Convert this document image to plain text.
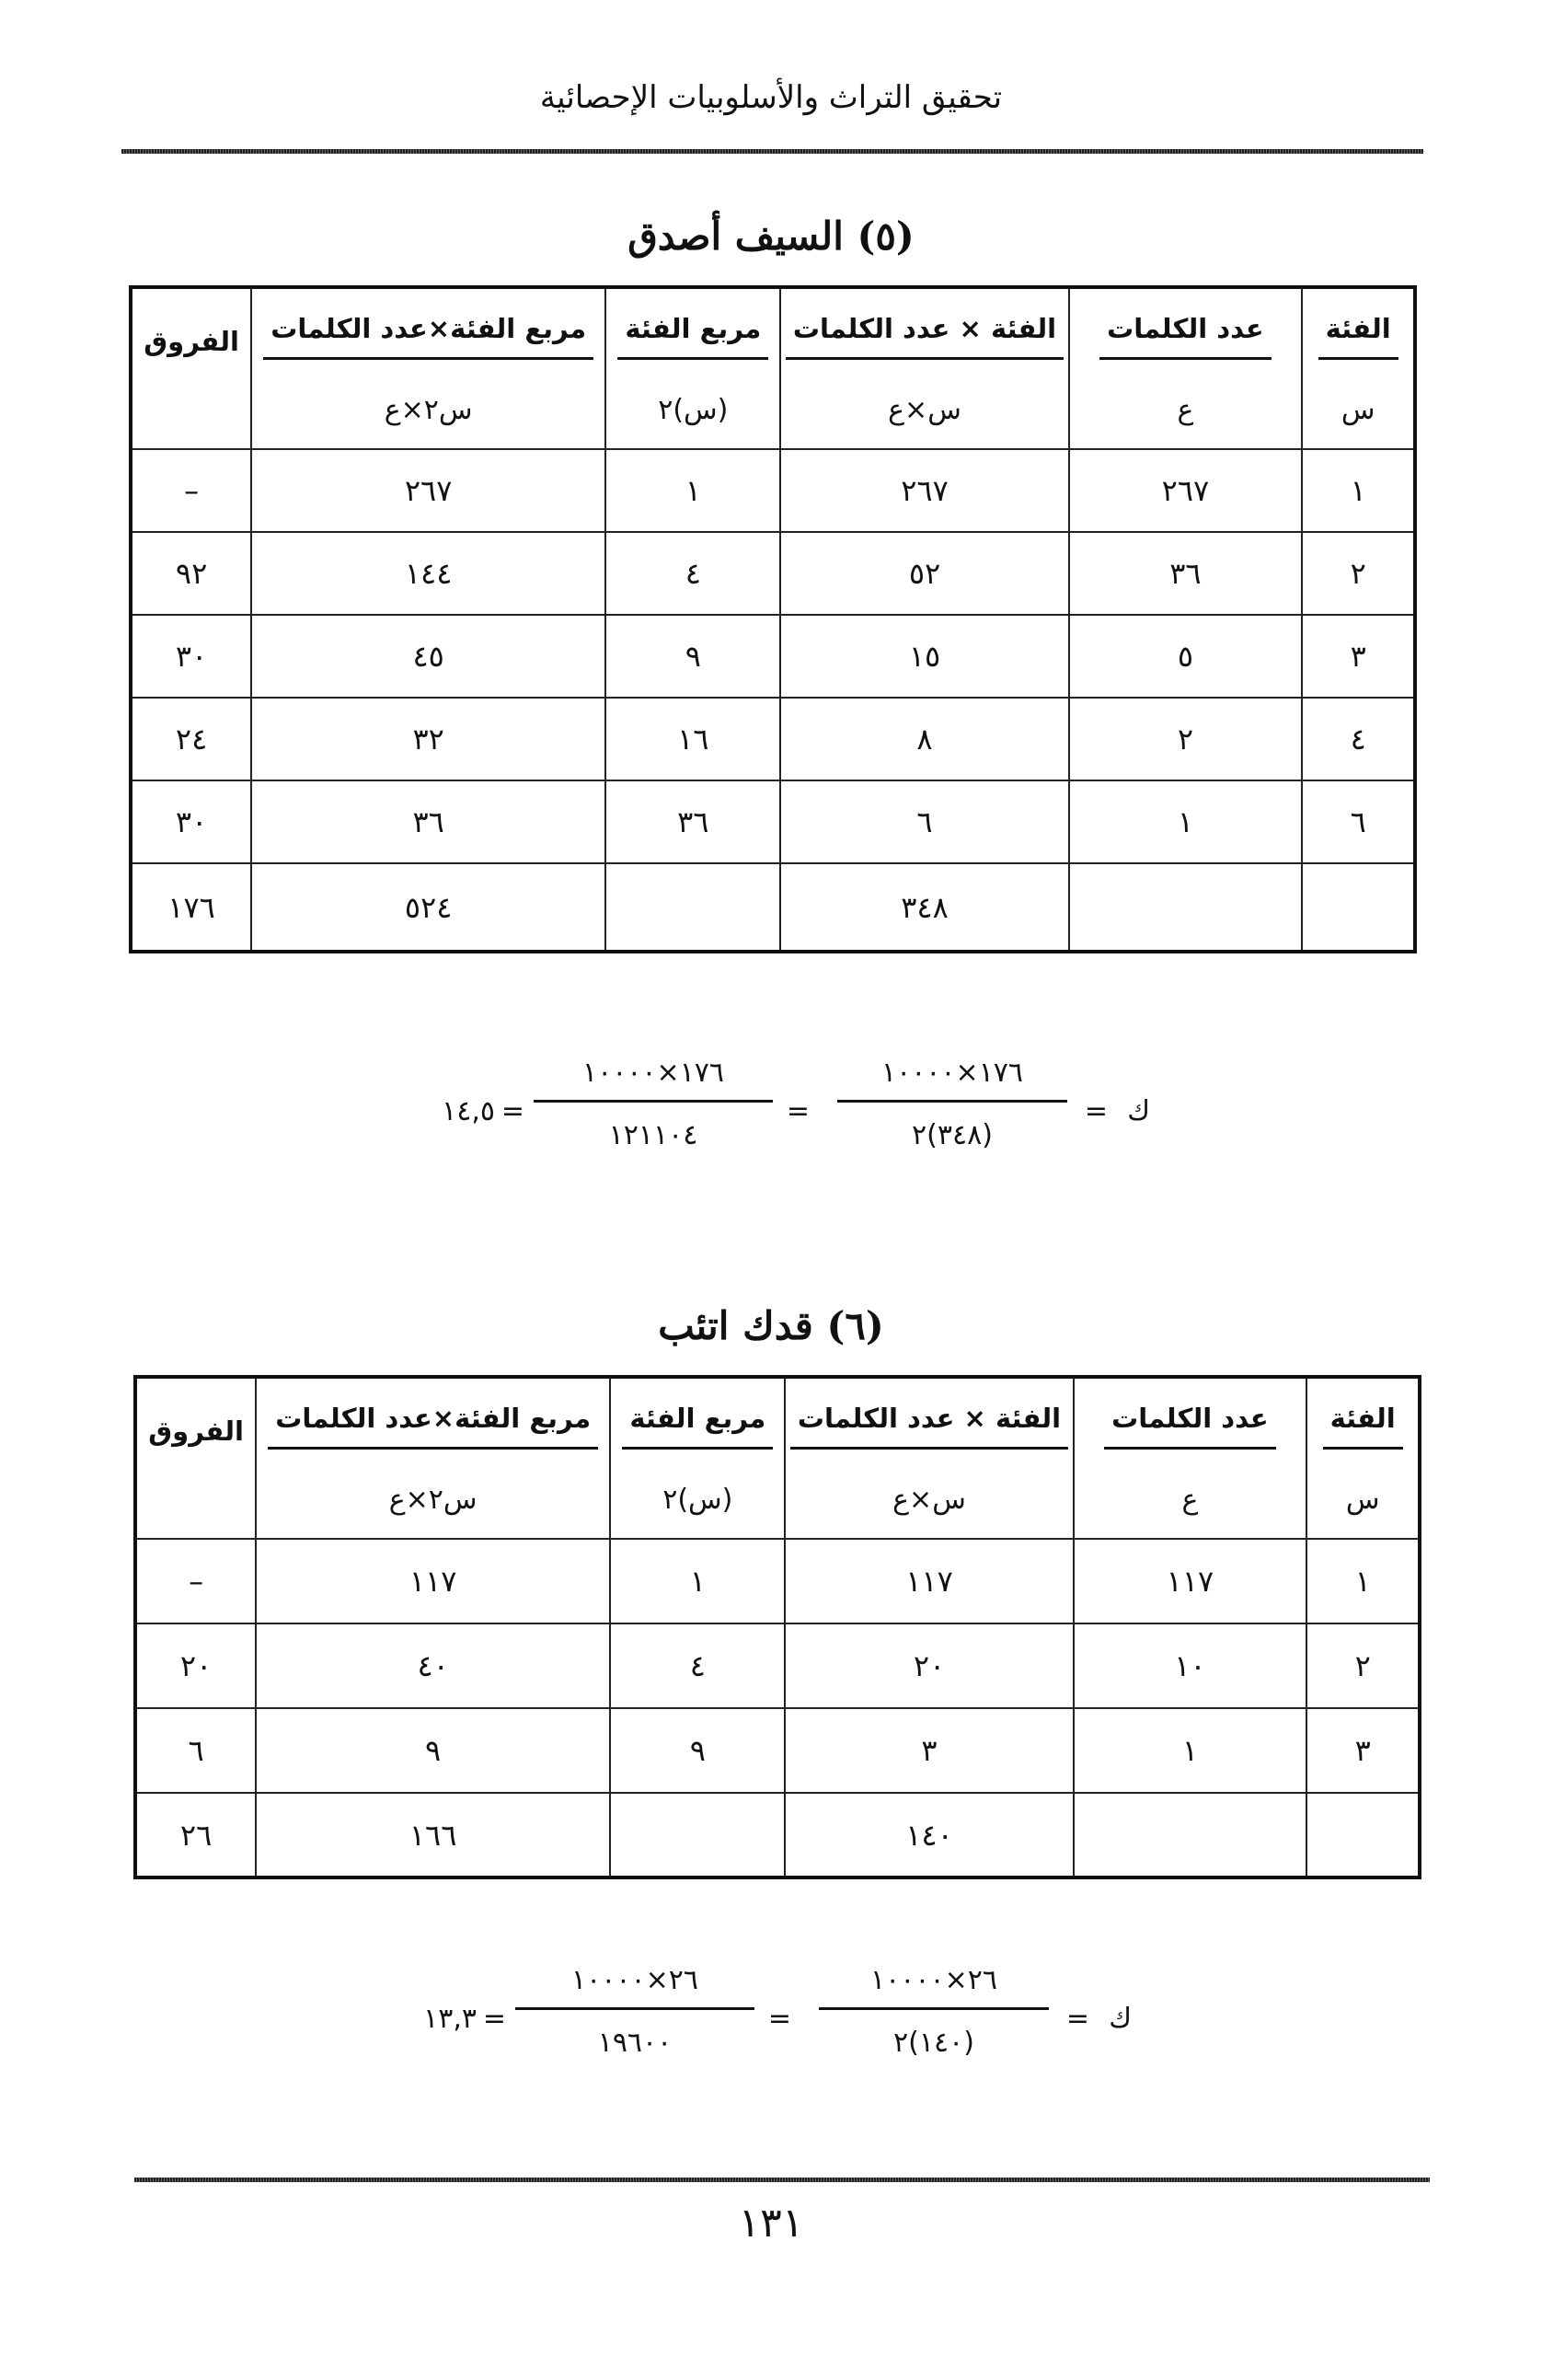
تحقيق التراث والأسلوبيات الإحصائية
(٥) السيف أصدق
الفئة	عدد الكلمات	الفئة × عدد الكلمات	مربع الفئة	مربع الفئة×عدد الكلمات	الفروق
س	ع	س×ع	(س)٢	س٢×ع	
١	٢٦٧	٢٦٧	١	٢٦٧	–
٢	٣٦	٥٢	٤	١٤٤	٩٢
٣	٥	١٥	٩	٤٥	٣٠
٤	٢	٨	١٦	٣٢	٢٤
٦	١	٦	٣٦	٣٦	٣٠
		٣٤٨		٥٢٤	١٧٦
ك
=
١٧٦×١٠٠٠٠
(٣٤٨)٢
=
١٧٦×١٠٠٠٠
١٢١١٠٤
=
١٤,٥
(٦) قدك اتئب
الفئة	عدد الكلمات	الفئة × عدد الكلمات	مربع الفئة	مربع الفئة×عدد الكلمات	الفروق
س	ع	س×ع	(س)٢	س٢×ع	
١	١١٧	١١٧	١	١١٧	–
٢	١٠	٢٠	٤	٤٠	٢٠
٣	١	٣	٩	٩	٦
		١٤٠		١٦٦	٢٦
ك
=
٢٦×١٠٠٠٠
(١٤٠)٢
=
٢٦×١٠٠٠٠
١٩٦٠٠
=
١٣,٣
١٣١
